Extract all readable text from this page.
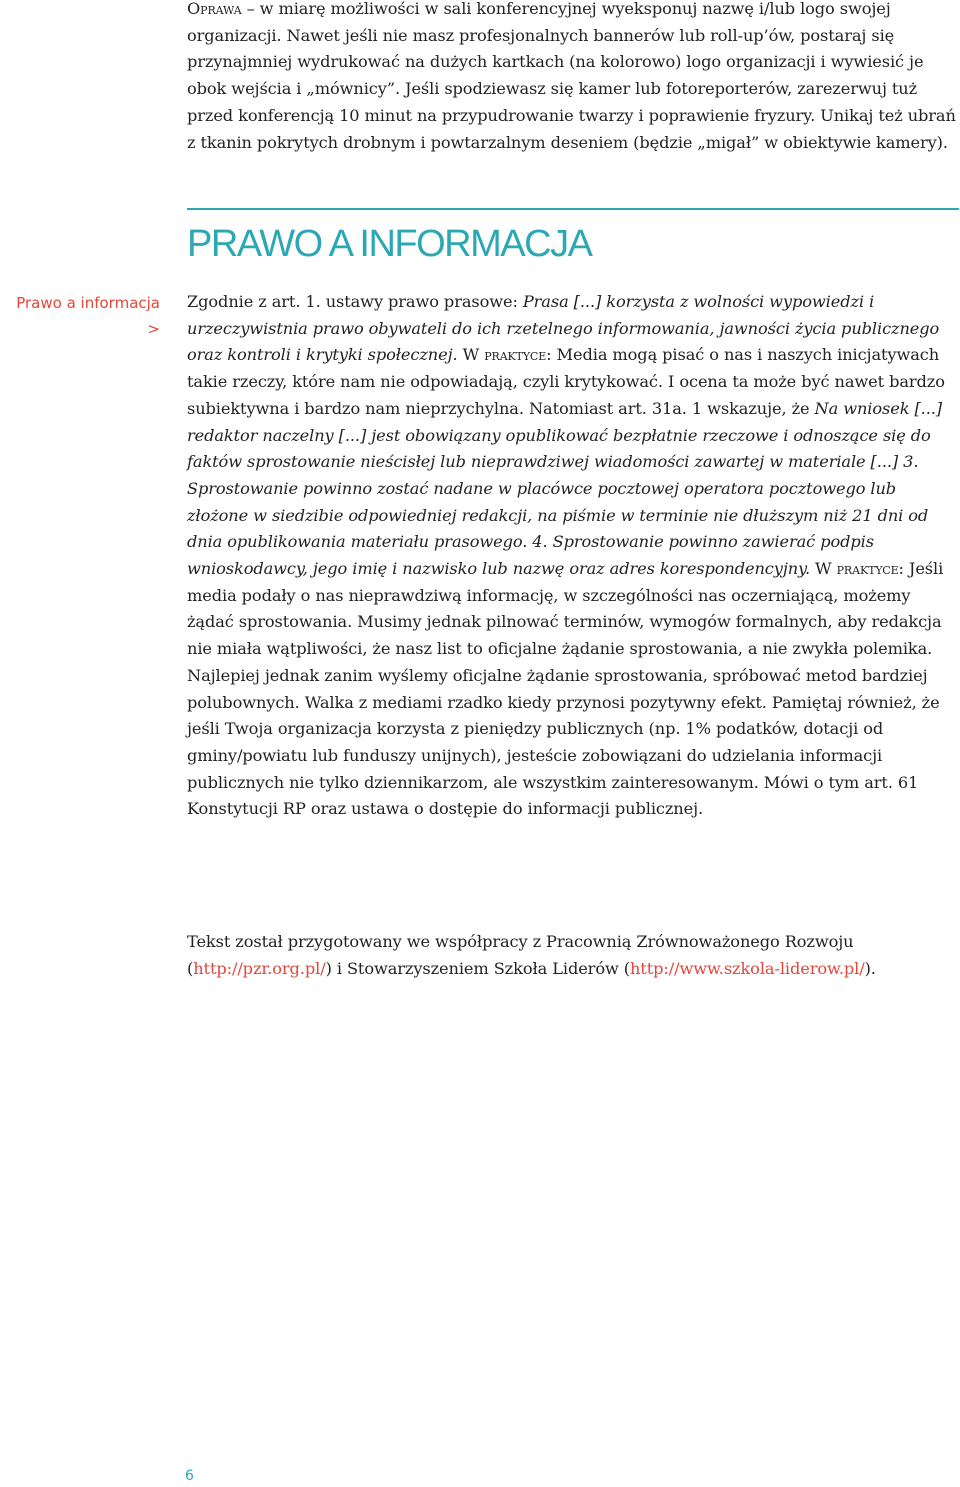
Oprawa – w miarę możliwości w sali konferencyjnej wyeksponuj nazwę i/lub logo swojej organizacji. Nawet jeśli nie masz profesjonalnych bannerów lub roll-up’ów, postaraj się przynajmniej wydrukować na dużych kartkach (na kolorowo) logo organizacji i wywiesić je obok wejścia i „mównicy”. Jeśli spodziewasz się kamer lub fotoreporterów, zarezerwuj tuż przed konferencją 10 minut na przypudrowanie twarzy i poprawienie fryzury. Unikaj też ubrań z tkanin pokrytych drobnym i powtarzalnym deseniem (będzie „migał” w obiektywie kamery).

PRAWO A INFORMACJA
Prawo a informacja
>

Zgodnie z art. 1. ustawy prawo prasowe: Prasa [...] korzysta z wolności wypowiedzi i urzeczywistnia prawo obywateli do ich rzetelnego informowania, jawności życia publicznego oraz kontroli i krytyki społecznej. W praktyce: Media mogą pisać o nas i naszych inicjatywach takie rzeczy, które nam nie odpowiadają, czyli krytykować. I ocena ta może być nawet bardzo subiektywna i bardzo nam nieprzychylna. Natomiast art. 31a. 1 wskazuje, że Na wniosek [...] redaktor naczelny [...] jest obowiązany opublikować bezpłatnie rzeczowe i odnoszące się do faktów sprostowanie nieścisłej lub nieprawdziwej wiadomości zawartej w materiale [...] 3. Sprostowanie powinno zostać nadane w placówce pocztowej operatora pocztowego lub złożone w siedzibie odpowiedniej redakcji, na piśmie w terminie nie dłuższym niż 21 dni od dnia opublikowania materiału prasowego. 4. Sprostowanie powinno zawierać podpis wnioskodawcy, jego imię i nazwisko lub nazwę oraz adres korespondencyjny. W praktyce: Jeśli media podały o nas nieprawdziwą informację, w szczególności nas oczerniającą, możemy żądać sprostowania. Musimy jednak pilnować terminów, wymogów formalnych, aby redakcja nie miała wątpliwości, że nasz list to oficjalne żądanie sprostowania, a nie zwykła polemika. Najlepiej jednak zanim wyślemy oficjalne żądanie sprostowania, spróbować metod bardziej polubownych. Walka z mediami rzadko kiedy przynosi pozytywny efekt. Pamiętaj również, że jeśli Twoja organizacja korzysta z pieniędzy publicznych (np. 1% podatków, dotacji od gminy/powiatu lub funduszy unijnych), jesteście zobowiązani do udzielania informacji publicznych nie tylko dziennikarzom, ale wszystkim zainteresowanym. Mówi o tym art. 61 Konstytucji RP oraz ustawa o dostępie do informacji publicznej.

Tekst został przygotowany we współpracy z Pracownią Zrównoważonego Rozwoju (http://pzr.org.pl/) i Stowarzyszeniem Szkoła Liderów (http://www.szkola-liderow.pl/).

6
